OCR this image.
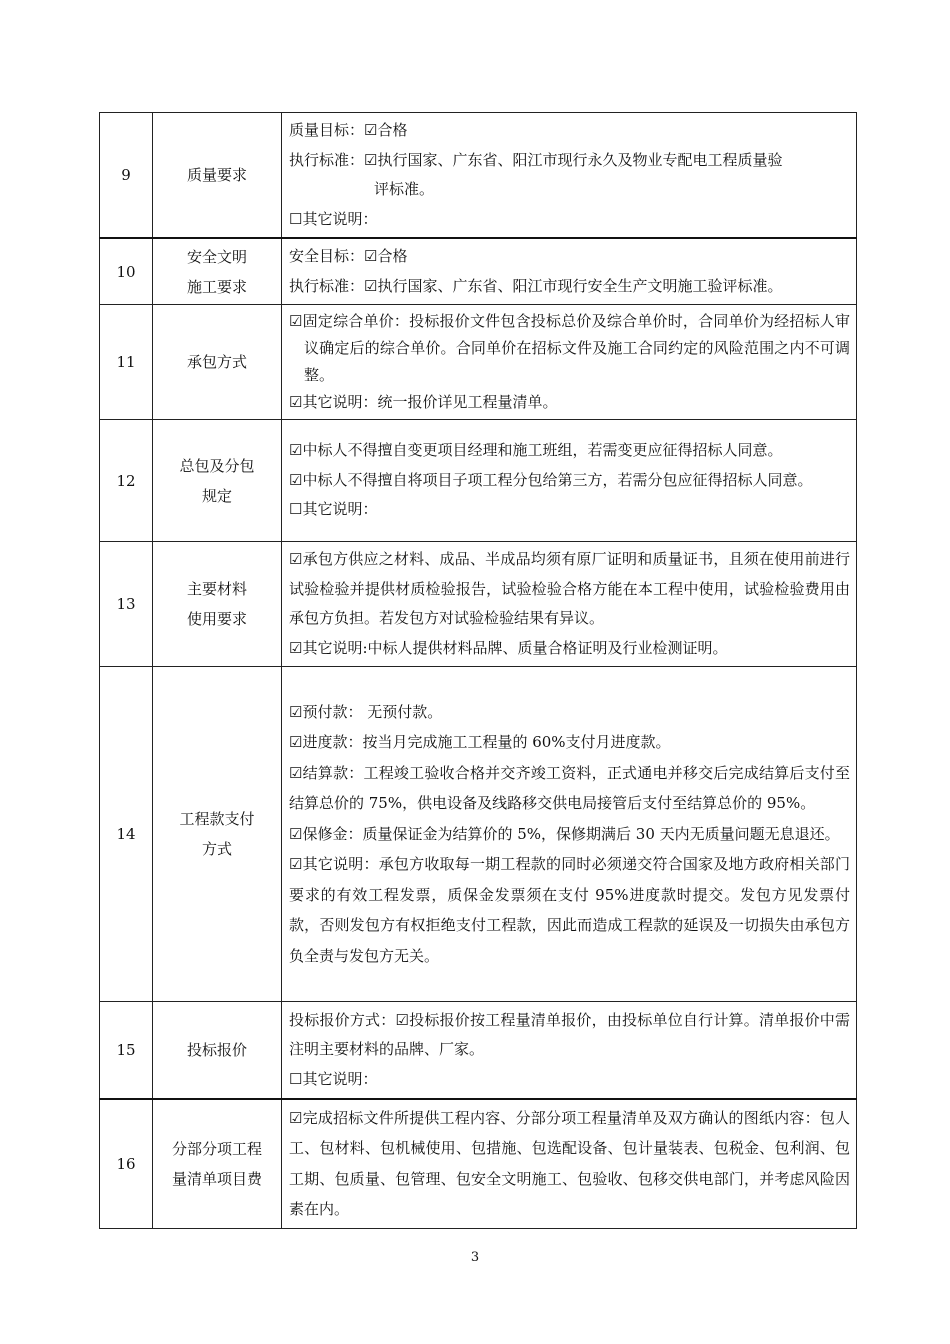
9	质量要求	质量目标：☑合格
执行标准：☑执行国家、广东省、阳江市现行永久及物业专配电工程质量验
评标准。
☐其它说明：

10	安全文明
施工要求	安全目标：☑合格
执行标准：☑执行国家、广东省、阳江市现行安全生产文明施工验评标准。

11	承包方式	☑固定综合单价：投标报价文件包含投标总价及综合单价时，合同单价为经招标人审议确定后的综合单价。合同单价在招标文件及施工合同约定的风险范围之内不可调整。
☑其它说明：统一报价详见工程量清单。

12	总包及分包
规定	☑中标人不得擅自变更项目经理和施工班组，若需变更应征得招标人同意。
☑中标人不得擅自将项目子项工程分包给第三方，若需分包应征得招标人同意。
☐其它说明：

13	主要材料
使用要求	☑承包方供应之材料、成品、半成品均须有原厂证明和质量证书，且须在使用前进行试验检验并提供材质检验报告，试验检验合格方能在本工程中使用，试验检验费用由承包方负担。若发包方对试验检验结果有异议。
☑其它说明:中标人提供材料品牌、质量合格证明及行业检测证明。

14	工程款支付
方式	☑预付款： 无预付款。
☑进度款：按当月完成施工工程量的 60%支付月进度款。
☑结算款：工程竣工验收合格并交齐竣工资料，正式通电并移交后完成结算后支付至结算总价的 75%，供电设备及线路移交供电局接管后支付至结算总价的 95%。
☑保修金：质量保证金为结算价的 5%，保修期满后 30 天内无质量问题无息退还。
☑其它说明：承包方收取每一期工程款的同时必须递交符合国家及地方政府相关部门要求的有效工程发票，质保金发票须在支付 95%进度款时提交。发包方见发票付款，否则发包方有权拒绝支付工程款，因此而造成工程款的延误及一切损失由承包方负全责与发包方无关。

15	投标报价	投标报价方式：☑投标报价按工程量清单报价，由投标单位自行计算。清单报价中需注明主要材料的品牌、厂家。
☐其它说明：

16	分部分项工程
量清单项目费	☑完成招标文件所提供工程内容、分部分项工程量清单及双方确认的图纸内容：包人工、包材料、包机械使用、包措施、包选配设备、包计量装表、包税金、包利润、包工期、包质量、包管理、包安全文明施工、包验收、包移交供电部门，并考虑风险因素在内。
3
